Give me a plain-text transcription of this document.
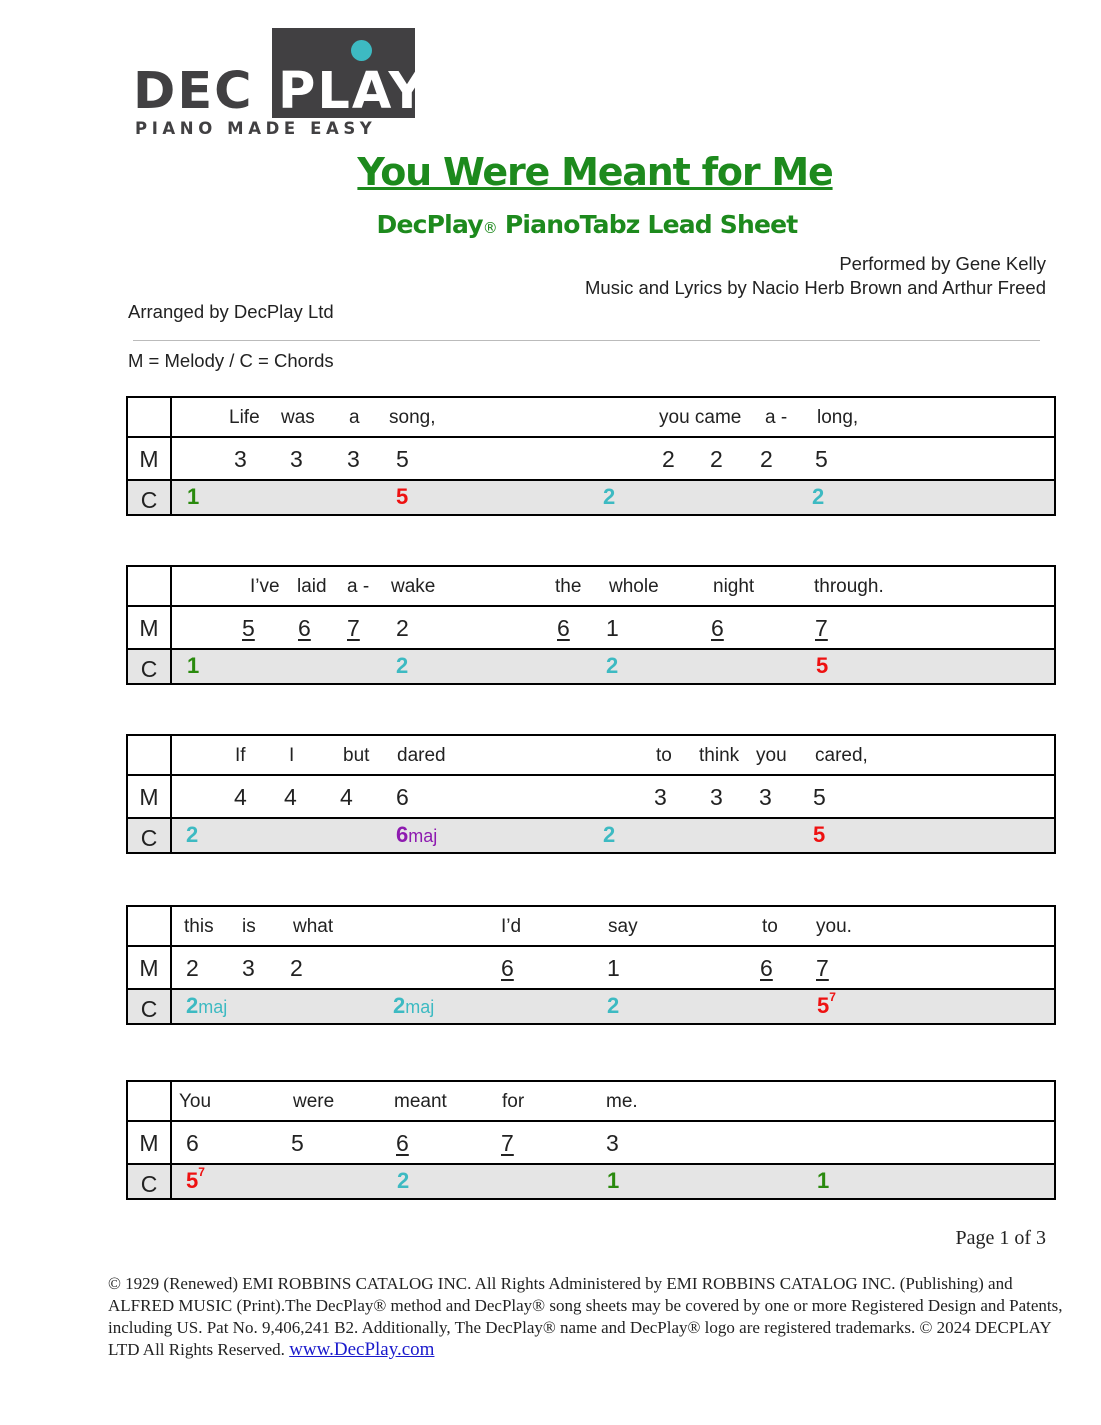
DEC PLAY
PIANO MADE EASY
You Were Meant for Me
DecPlay® PianoTabz Lead Sheet
Performed by Gene Kelly
Music and Lyrics by Nacio Herb Brown and Arthur Freed
Arranged by DecPlay Ltd
M = Melody / C = Chords
M
C
Life was a song,	you came a - long,
3 3 3 5	2 2 2 5
1	5	2	2
M
C
I’ve laid a - wake	the whole	night	through.
5 6 7 2	6 1	6	7
1	2	2	5
M
C
If I	but dared	to think you cared,
4 4 4 6	3 3 3 5
2	6maj	2	5
M
C
this is what	I’d	say	to you.
2 3 2	6	1	6 7
2maj	2maj	2	$5^7$
M
C
You	were	meant	for	me.
6	5	6	7	3
$5^7$	2	1	1
Page 1 of 3
© 1929 (Renewed) EMI ROBBINS CATALOG INC. All Rights Administered by EMI ROBBINS CATALOG INC. (Publishing) and ALFRED MUSIC (Print).The DecPlay® method and DecPlay® song sheets may be covered by one or more Registered Design and Patents, including US. Pat No. 9,406,241 B2. Additionally, The DecPlay® name and DecPlay® logo are registered trademarks. © 2024 DECPLAY LTD All Rights Reserved. www.DecPlay.com
